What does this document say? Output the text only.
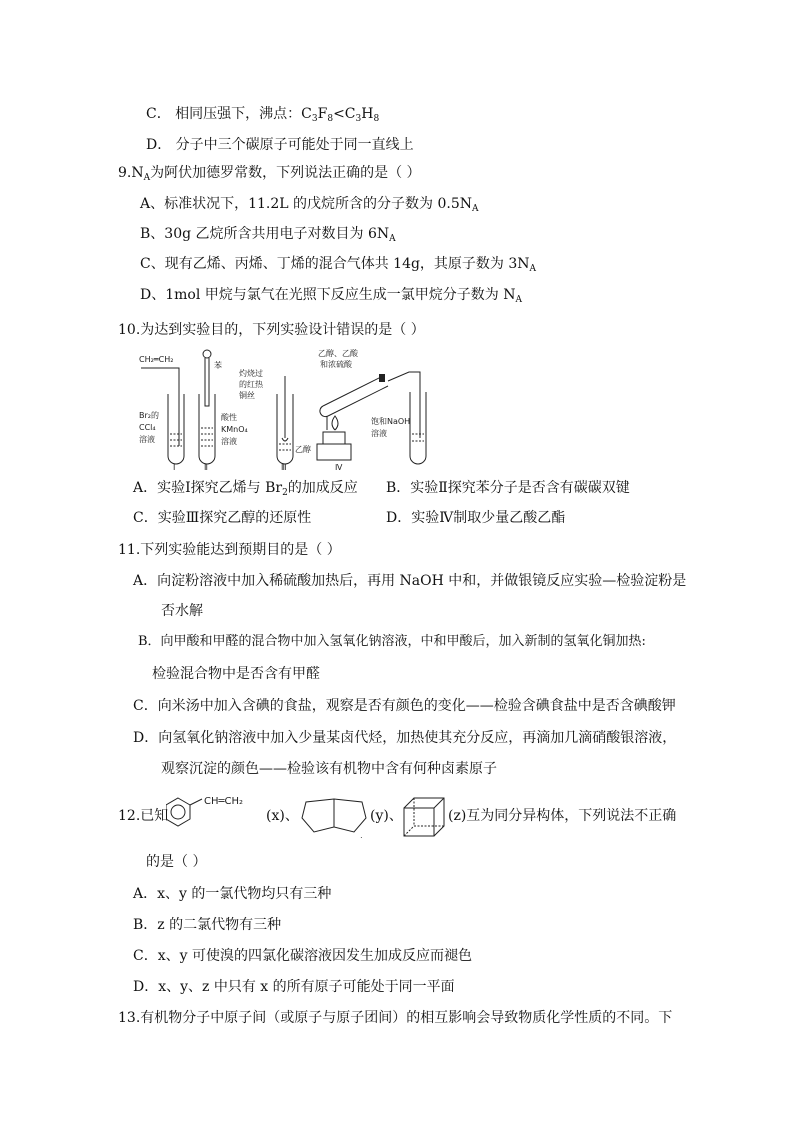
C． 相同压强下，沸点：$C_3F_8<C_3H_8$
D． 分子中三个碳原子可能处于同一直线上
$9.N_A$为阿伏加德罗常数，下列说法正确的是（ ）
A、标准状况下，11.2L 的戊烷所含的分子数为 $0.5N_A$
B、30g 乙烷所含共用电子对数目为 $6N_A$
C、现有乙烯、丙烯、丁烯的混合气体共 14g，其原子数为 $3N_A$
D、1mol 甲烷与氯气在光照下反应生成一氯甲烷分子数为 $N_A$
10.为达到实验目的，下列实验设计错误的是（ ）
CH₂═CH₂
Br₂的
CCl₄
溶液
苯
酸性
KMnO₄
溶液
灼烧过
的红热
铜丝
乙醇
乙醇、乙酸
和浓硫酸
饱和NaOH
溶液
Ⅰ	Ⅱ	Ⅲ	Ⅳ
A．实验Ⅰ探究乙烯与 $Br_2$的加成反应 B．实验Ⅱ探究苯分子是否含有碳碳双键
C．实验Ⅲ探究乙醇的还原性	D．实验Ⅳ制取少量乙酸乙酯
11.下列实验能达到预期目的是（ ）
A．向淀粉溶液中加入稀硫酸加热后，再用 NaOH 中和，并做银镜反应实验—检验淀粉是
否水解
B．向甲酸和甲醛的混合物中加入氢氧化钠溶液，中和甲酸后，加入新制的氢氧化铜加热:
检验混合物中是否含有甲醛
C．向米汤中加入含碘的食盐，观察是否有颜色的变化——检验含碘食盐中是否含碘酸钾
D．向氢氧化钠溶液中加入少量某卤代烃，加热使其充分反应，再滴加几滴硝酸银溶液，
观察沉淀的颜色——检验该有机物中含有何种卤素原子
12.已知
CH═CH₂
(x)、
,
(y)、	(z)互为同分异构体，下列说法不正确
的是（ ）
A．x、y 的一氯代物均只有三种
B．z 的二氯代物有三种
C．x、y 可使溴的四氯化碳溶液因发生加成反应而褪色
D．x、y、z 中只有 x 的所有原子可能处于同一平面
13.有机物分子中原子间（或原子与原子团间）的相互影响会导致物质化学性质的不同。下
